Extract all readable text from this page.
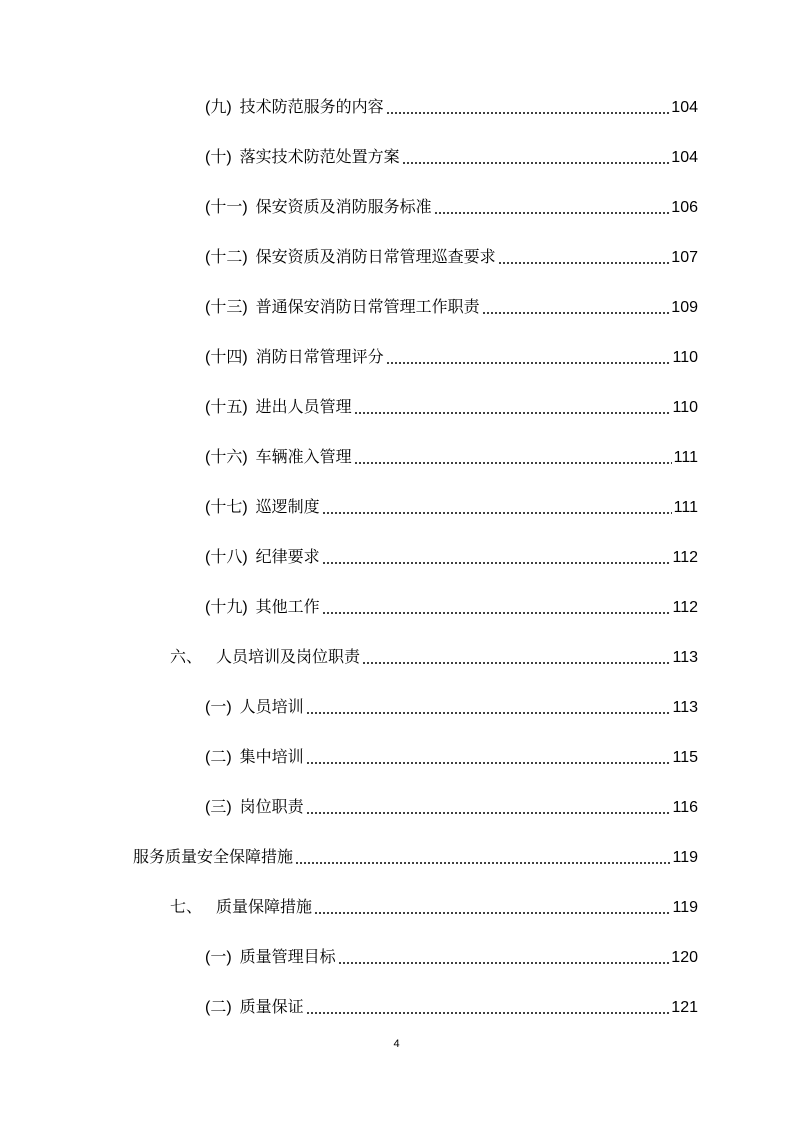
(九) 技术防范服务的内容	104
(十) 落实技术防范处置方案	104
(十一) 保安资质及消防服务标准	106
(十二) 保安资质及消防日常管理巡查要求	107
(十三) 普通保安消防日常管理工作职责	109
(十四) 消防日常管理评分	110
(十五) 进出人员管理	110
(十六) 车辆准入管理	111
(十七) 巡逻制度	111
(十八) 纪律要求	112
(十九) 其他工作	112
六、 人员培训及岗位职责	113
(一) 人员培训	113
(二) 集中培训	115
(三) 岗位职责	116
服务质量安全保障措施	119
七、 质量保障措施	119
(一) 质量管理目标	120
(二) 质量保证	121
4
